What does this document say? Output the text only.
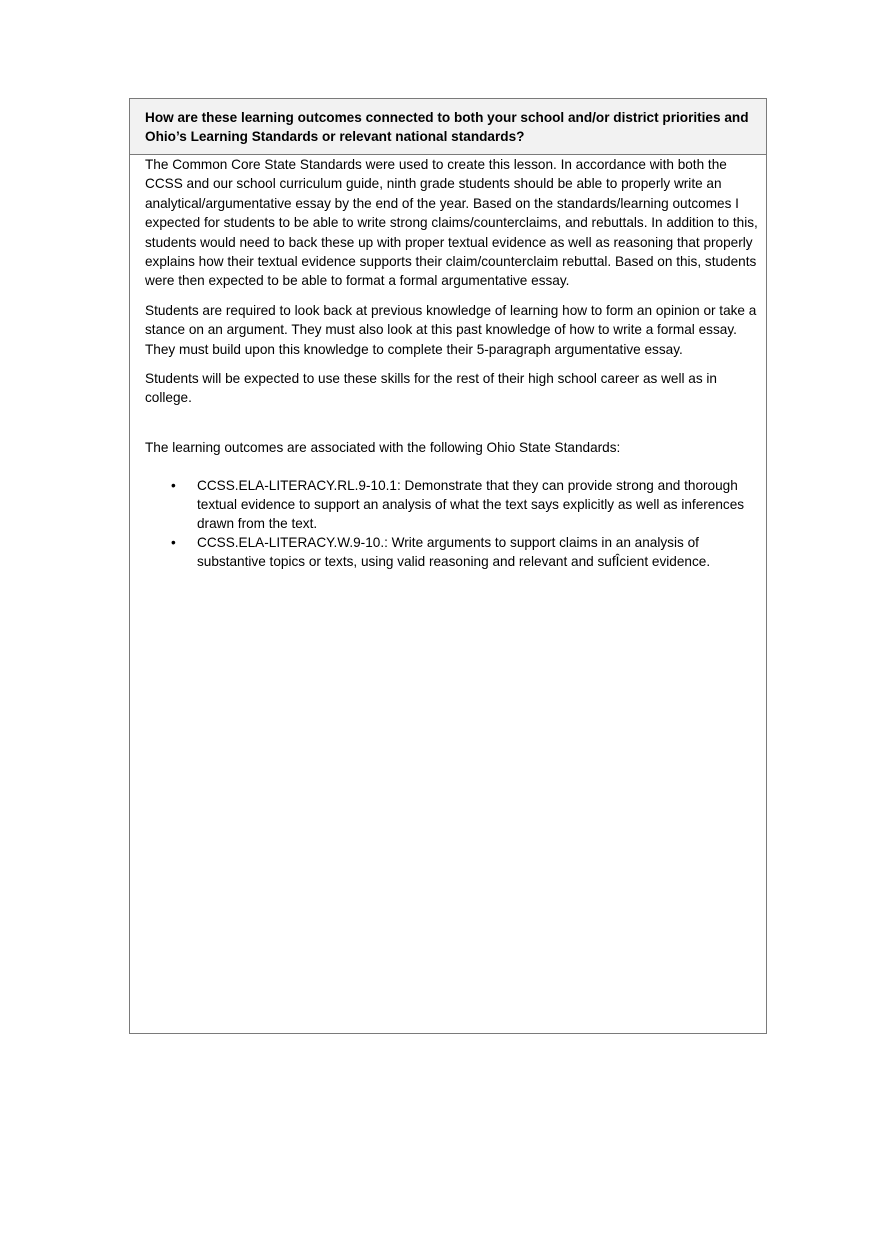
How are these learning outcomes connected to both your school and/or district priorities and Ohio’s Learning Standards or relevant national standards?

The Common Core State Standards were used to create this lesson. In accordance with both the CCSS and our school curriculum guide, ninth grade students should be able to properly write an analytical/argumentative essay by the end of the year. Based on the standards/learning outcomes I expected for students to be able to write strong claims/counterclaims, and rebuttals. In addition to this, students would need to back these up with proper textual evidence as well as reasoning that properly explains how their textual evidence supports their claim/counterclaim rebuttal. Based on this, students were then expected to be able to format a formal argumentative essay.

Students are required to look back at previous knowledge of learning how to form an opinion or take a stance on an argument. They must also look at this past knowledge of how to write a formal essay. They must build upon this knowledge to complete their 5-paragraph argumentative essay.

Students will be expected to use these skills for the rest of their high school career as well as in college.

The learning outcomes are associated with the following Ohio State Standards:

• CCSS.ELA-LITERACY.RL.9-10.1: Demonstrate that they can provide strong and thorough textual evidence to support an analysis of what the text says explicitly as well as inferences drawn from the text.
• CCSS.ELA-LITERACY.W.9-10.: Write arguments to support claims in an analysis of substantive topics or texts, using valid reasoning and relevant and sufÎcient evidence.
